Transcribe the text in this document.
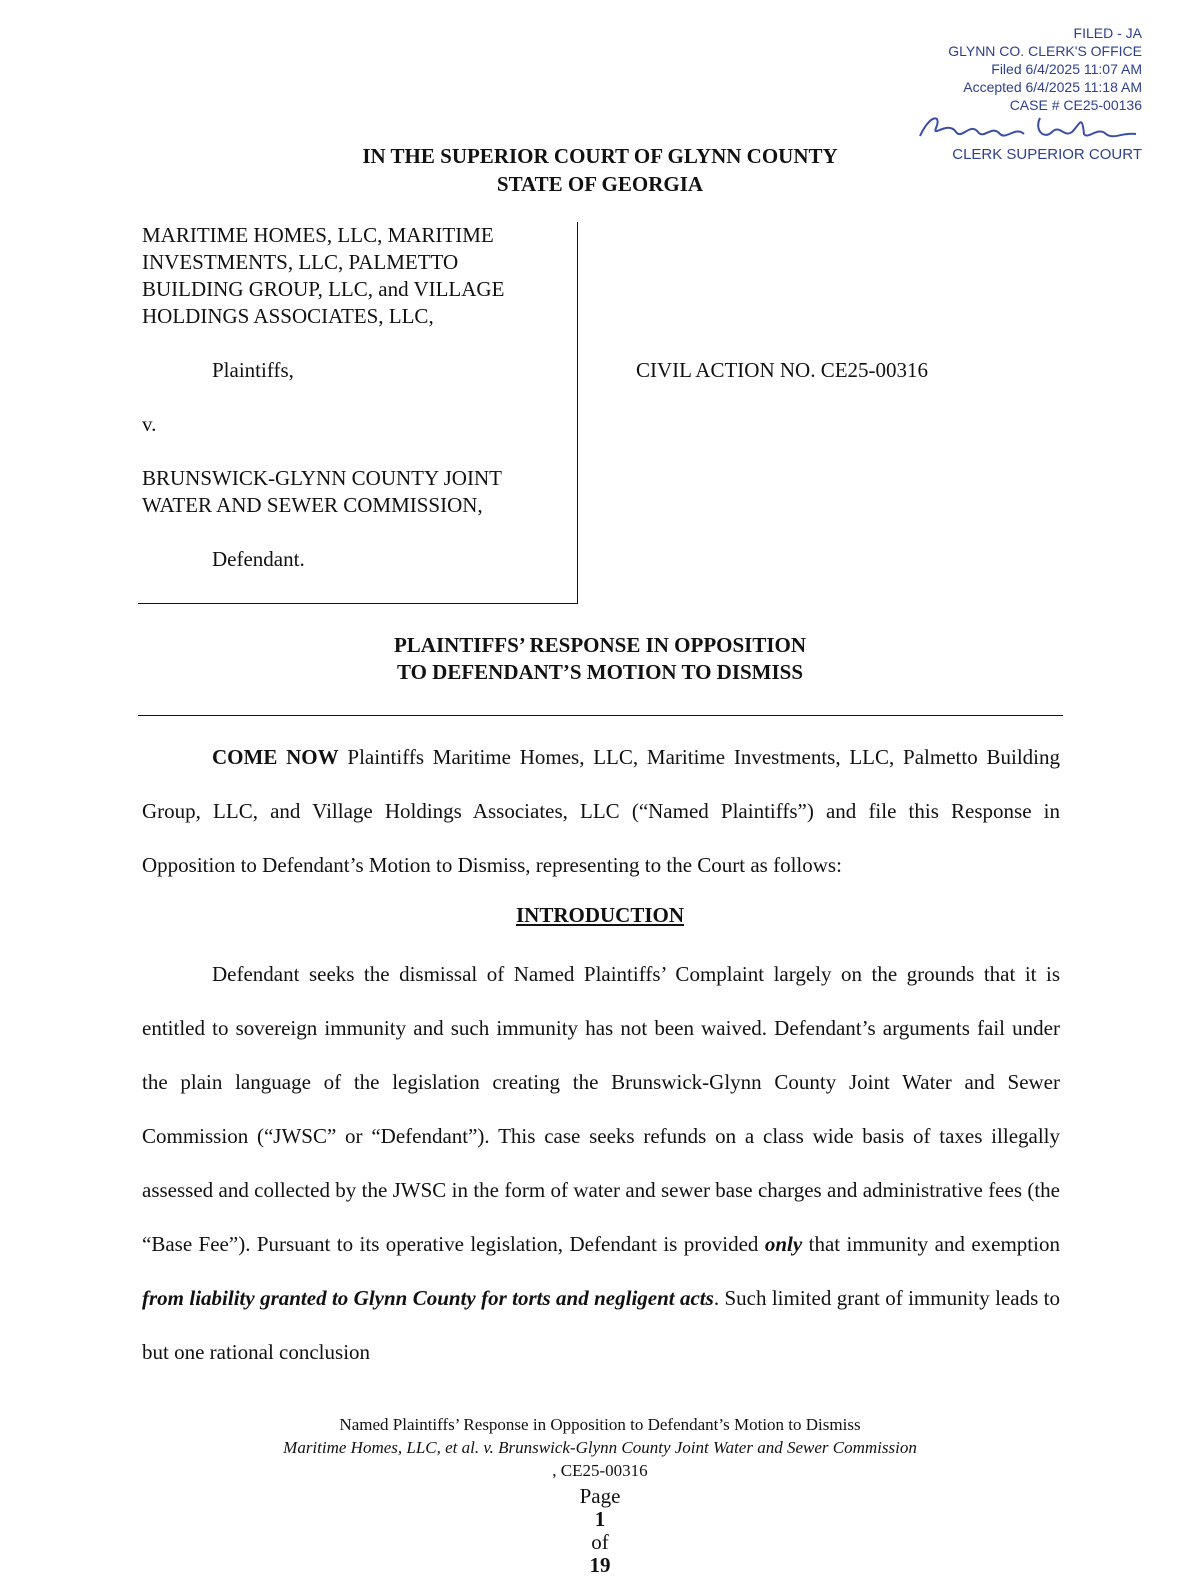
FILED - JA
GLYNN CO. CLERK'S OFFICE
Filed 6/4/2025 11:07 AM
Accepted 6/4/2025 11:18 AM
CASE # CE25-00136
CLERK SUPERIOR COURT
IN THE SUPERIOR COURT OF GLYNN COUNTY
STATE OF GEORGIA
MARITIME HOMES, LLC, MARITIME
INVESTMENTS, LLC, PALMETTO
BUILDING GROUP, LLC, and VILLAGE
HOLDINGS ASSOCIATES, LLC,
Plaintiffs,
v.
BRUNSWICK-GLYNN COUNTY JOINT
WATER AND SEWER COMMISSION,
Defendant.
CIVIL ACTION NO. CE25-00316
PLAINTIFFS’ RESPONSE IN OPPOSITION
TO DEFENDANT’S MOTION TO DISMISS
COME NOW Plaintiffs Maritime Homes, LLC, Maritime Investments, LLC, Palmetto Building Group, LLC, and Village Holdings Associates, LLC (“Named Plaintiffs”) and file this Response in Opposition to Defendant’s Motion to Dismiss, representing to the Court as follows:
INTRODUCTION
Defendant seeks the dismissal of Named Plaintiffs’ Complaint largely on the grounds that it is entitled to sovereign immunity and such immunity has not been waived. Defendant’s arguments fail under the plain language of the legislation creating the Brunswick-Glynn County Joint Water and Sewer Commission (“JWSC” or “Defendant”). This case seeks refunds on a class wide basis of taxes illegally assessed and collected by the JWSC in the form of water and sewer base charges and administrative fees (the “Base Fee”). Pursuant to its operative legislation, Defendant is provided only that immunity and exemption from liability granted to Glynn County for torts and negligent acts. Such limited grant of immunity leads to but one rational conclusion
Named Plaintiffs’ Response in Opposition to Defendant’s Motion to Dismiss
Maritime Homes, LLC, et al. v. Brunswick-Glynn County Joint Water and Sewer Commission
, CE25-00316
Page
1
of
19
